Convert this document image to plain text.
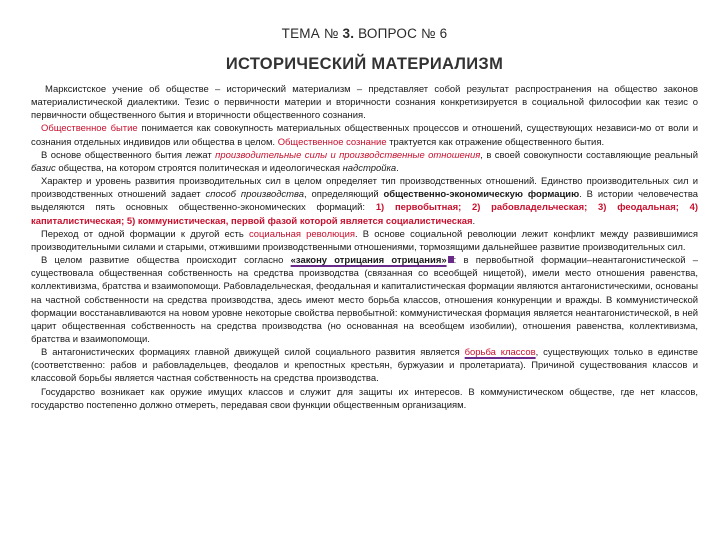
ТЕМА № 3. ВОПРОС № 6
ИСТОРИЧЕСКИЙ МАТЕРИАЛИЗМ

Марксистское учение об обществе – исторический материализм – представляет собой результат распространения на общество законов материалистической диалектики. Тезис о первичности материи и вторичности сознания конкретизируется в социальной философии как тезис о первичности общественного бытия и вторичности общественного сознания.

Общественное бытие понимается как совокупность материальных общественных процессов и отношений, существующих независи-мо от воли и сознания отдельных индивидов или общества в целом. Общественное сознание трактуется как отражение общественного бытия.

В основе общественного бытия лежат производительные силы и производственные отношения, в своей совокупности составляющие реальный базис общества, на котором строятся политическая и идеологическая надстройка.

Характер и уровень развития производительных сил в целом определяет тип производственных отношений. Единство производительных сил и производственных отношений задает способ производства, определяющий общественно-экономическую формацию. В истории человечества выделяются пять основных общественно-экономических формаций: 1) первобытная; 2) рабовладельческая; 3) феодальная; 4) капиталистическая; 5) коммунистическая, первой фазой которой является социалистическая.

Переход от одной формации к другой есть социальная революция. В основе социальной революции лежит конфликт между развившимися производительными силами и старыми, отжившими производственными отношениями, тормозящими дальнейшее развитие производительных сил.

В целом развитие общества происходит согласно «закону отрицания отрицания» : в первобытной формации–неантагонистической – существовала общественная собственность на средства производства (связанная со всеобщей нищетой), имели место отношения равенства, коллективизма, братства и взаимопомощи. Рабовладельческая, феодальная и капиталистическая формации являются антагонистическими, основаны на частной собственности на средства производства, здесь имеют место борьба классов, отношения конкуренции и вражды. В коммунистической формации восстанавливаются на новом уровне некоторые свойства первобытной: коммунистическая формация является неантагонистической, в ней царит общественная собственность на средства производства (но основанная на всеобщем изобилии), отношения равенства, коллективизма, братства и взаимопомощи.

В антагонистических формациях главной движущей силой социального развития является борьба классов, существующих только в единстве (соответственно: рабов и рабовладельцев, феодалов и крепостных крестьян, буржуазии и пролетариата). Причиной существования классов и классовой борьбы является частная собственность на средства производства.

Государство возникает как оружие имущих классов и служит для защиты их интересов. В коммунистическом обществе, где нет классов, государство постепенно должно отмереть, передавая свои функции общественным организациям.
